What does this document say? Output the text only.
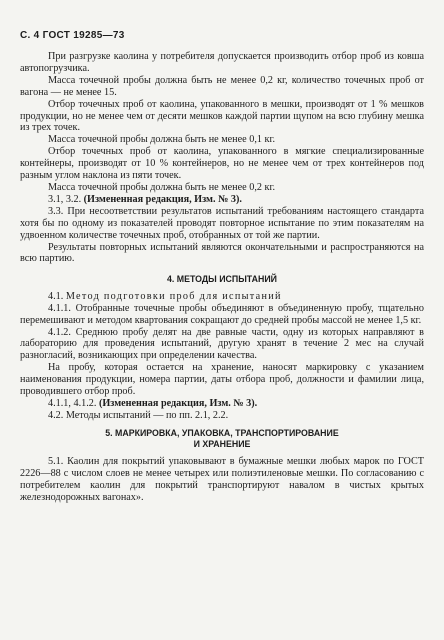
С. 4 ГОСТ 19285—73

При разгрузке каолина у потребителя допускается производить отбор проб из ковша автопогрузчика.

Масса точечной пробы должна быть не менее 0,2 кг, количество точечных проб от вагона — не менее 15.

Отбор точечных проб от каолина, упакованного в мешки, производят от 1 % мешков продукции, но не менее чем от десяти мешков каждой партии щупом на всю глубину мешка из трех точек.

Масса точечной пробы должна быть не менее 0,1 кг.

Отбор точечных проб от каолина, упакованного в мягкие специализированные контейнеры, производят от 10 % контейнеров, но не менее чем от трех контейнеров под разным углом наклона из пяти точек.

Масса точечной пробы должна быть не менее 0,2 кг.

3.1, 3.2. (Измененная редакция, Изм. № 3).

3.3. При несоответствии результатов испытаний требованиям настоящего стандарта хотя бы по одному из показателей проводят повторное испытание по этим показателям на удвоенном количестве точечных проб, отобранных от той же партии.

Результаты повторных испытаний являются окончательными и распространяются на всю партию.

4. МЕТОДЫ ИСПЫТАНИЙ

4.1. Метод подготовки проб для испытаний

4.1.1. Отобранные точечные пробы объединяют в объединенную пробу, тщательно перемешивают и методом квартования сокращают до средней пробы массой не менее 1,5 кг.

4.1.2. Среднюю пробу делят на две равные части, одну из которых направляют в лабораторию для проведения испытаний, другую хранят в течение 2 мес на случай разногласий, возникающих при определении качества.

На пробу, которая остается на хранение, наносят маркировку с указанием наименования продукции, номера партии, даты отбора проб, должности и фамилии лица, проводившего отбор проб.

4.1.1, 4.1.2. (Измененная редакция, Изм. № 3).

4.2. Методы испытаний — по пп. 2.1, 2.2.

5. МАРКИРОВКА, УПАКОВКА, ТРАНСПОРТИРОВАНИЕ
И ХРАНЕНИЕ

5.1. Каолин для покрытий упаковывают в бумажные мешки любых марок по ГОСТ 2226—88 с числом слоев не менее четырех или полиэтиленовые мешки. По согласованию с потребителем каолин для покрытий транспортируют навалом в чистых крытых железнодорожных вагонах».
